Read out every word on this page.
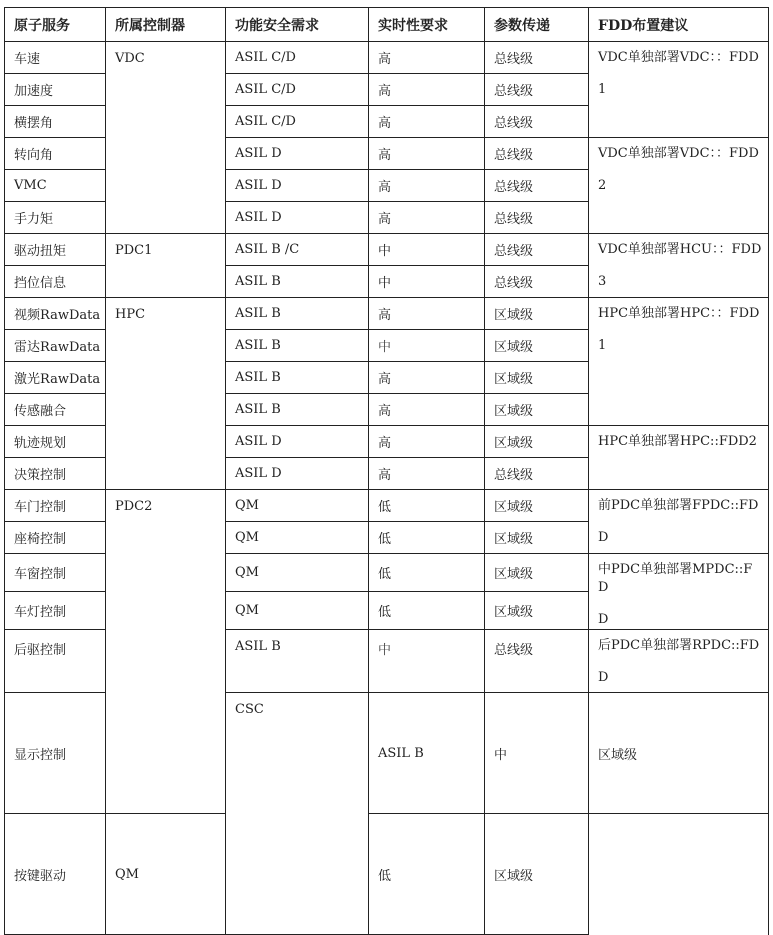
原子服务	所属控制器	功能安全需求	实时性要求	参数传递	FDD布置建议	
车速	VDC	ASIL C/D	高	总线级	VDC单独部署VDC：：FDD
1	

加速度		ASIL C/D	高	总线级		
横摆角		ASIL C/D	高	总线级		
转向角		ASIL D	高	总线级	VDC单独部署VDC：：FDD
2	

VMC		ASIL D	高	总线级		
手力矩		ASIL D	高	总线级		
驱动扭矩	PDC1	ASIL B /C	中	总线级	VDC单独部署HCU：：FDD
3	

挡位信息		ASIL B	中	总线级		
视频RawData	HPC	ASIL B	高	区域级	HPC单独部署HPC：：FDD
1	

雷达RawData		ASIL B	中	区域级		
激光RawData		ASIL B	高	区域级		
传感融合		ASIL B	高	区域级		
轨迹规划		ASIL D	高	区域级	HPC单独部署HPC::FDD2	

决策控制		ASIL D	高	总线级		
车门控制	PDC2	QM	低	区域级	前PDC单独部署FPDC::FD
D	

座椅控制		QM	低	区域级		
车窗控制		QM	低	区域级	中PDC单独部署MPDC::FD
D	

车灯控制		QM	低	区域级		
后驱控制		ASIL B	中	总线级	后PDC单独部署RPDC::FD
D	

显示控制		CSC	ASIL B	中	区域级	

按键驱动	QM		低	区域级		
